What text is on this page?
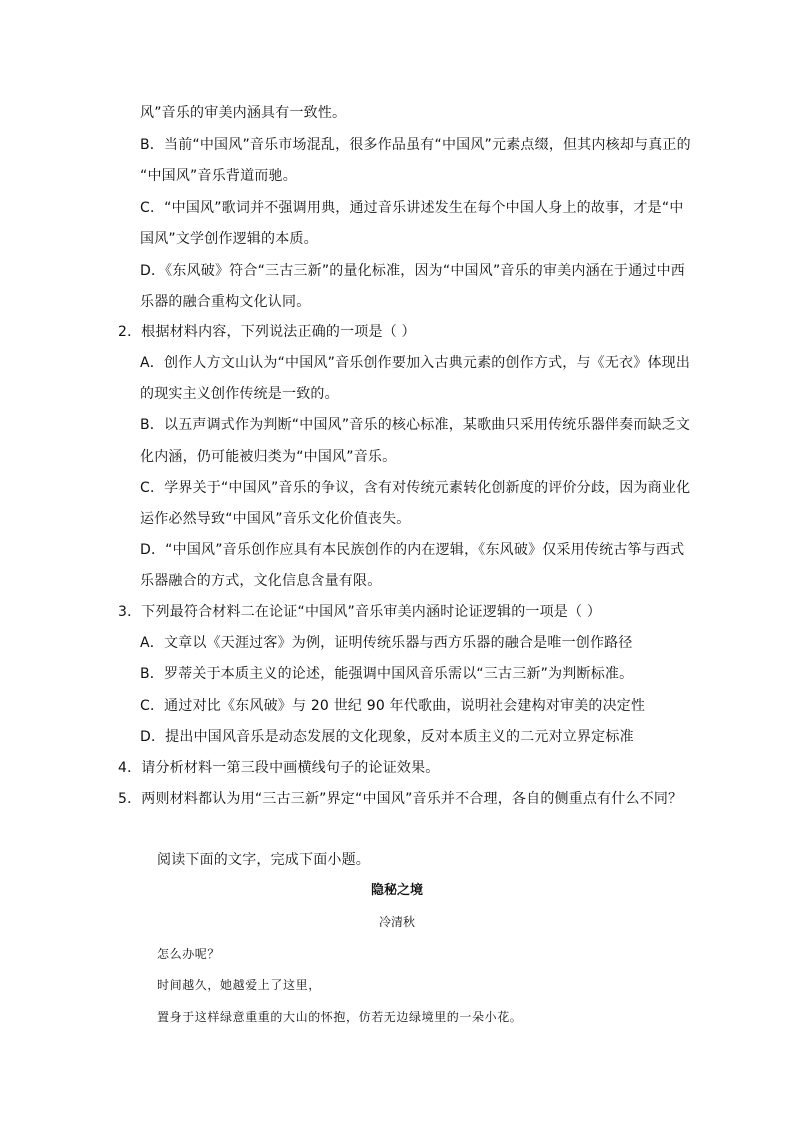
风”音乐的审美内涵具有一致性。
B．当前“中国风”音乐市场混乱，很多作品虽有“中国风”元素点缀，但其内核却与真正的
“中国风”音乐背道而驰。
C．“中国风”歌词并不强调用典，通过音乐讲述发生在每个中国人身上的故事，才是“中
国风”文学创作逻辑的本质。
D．《东风破》符合“三古三新”的量化标准，因为“中国风”音乐的审美内涵在于通过中西
乐器的融合重构文化认同。
2．根据材料内容，下列说法正确的一项是（ ）
A．创作人方文山认为“中国风”音乐创作要加入古典元素的创作方式，与《无衣》体现出
的现实主义创作传统是一致的。
B．以五声调式作为判断“中国风”音乐的核心标准，某歌曲只采用传统乐器伴奏而缺乏文
化内涵，仍可能被归类为“中国风”音乐。
C．学界关于“中国风”音乐的争议，含有对传统元素转化创新度的评价分歧，因为商业化
运作必然导致“中国风”音乐文化价值丧失。
D．“中国风”音乐创作应具有本民族创作的内在逻辑，《东风破》仅采用传统古筝与西式
乐器融合的方式，文化信息含量有限。
3．下列最符合材料二在论证“中国风”音乐审美内涵时论证逻辑的一项是（ ）
A．文章以《天涯过客》为例，证明传统乐器与西方乐器的融合是唯一创作路径
B．罗蒂关于本质主义的论述，能强调中国风音乐需以“三古三新”为判断标准。
C．通过对比《东风破》与 20 世纪 90 年代歌曲，说明社会建构对审美的决定性
D．提出中国风音乐是动态发展的文化现象，反对本质主义的二元对立界定标准
4．请分析材料一第三段中画横线句子的论证效果。
5．两则材料都认为用“三古三新”界定“中国风”音乐并不合理，各自的侧重点有什么不同？
阅读下面的文字，完成下面小题。
隐秘之境
冷清秋
怎么办呢？
时间越久，她越爱上了这里，
置身于这样绿意重重的大山的怀抱，仿若无边绿境里的一朵小花。
